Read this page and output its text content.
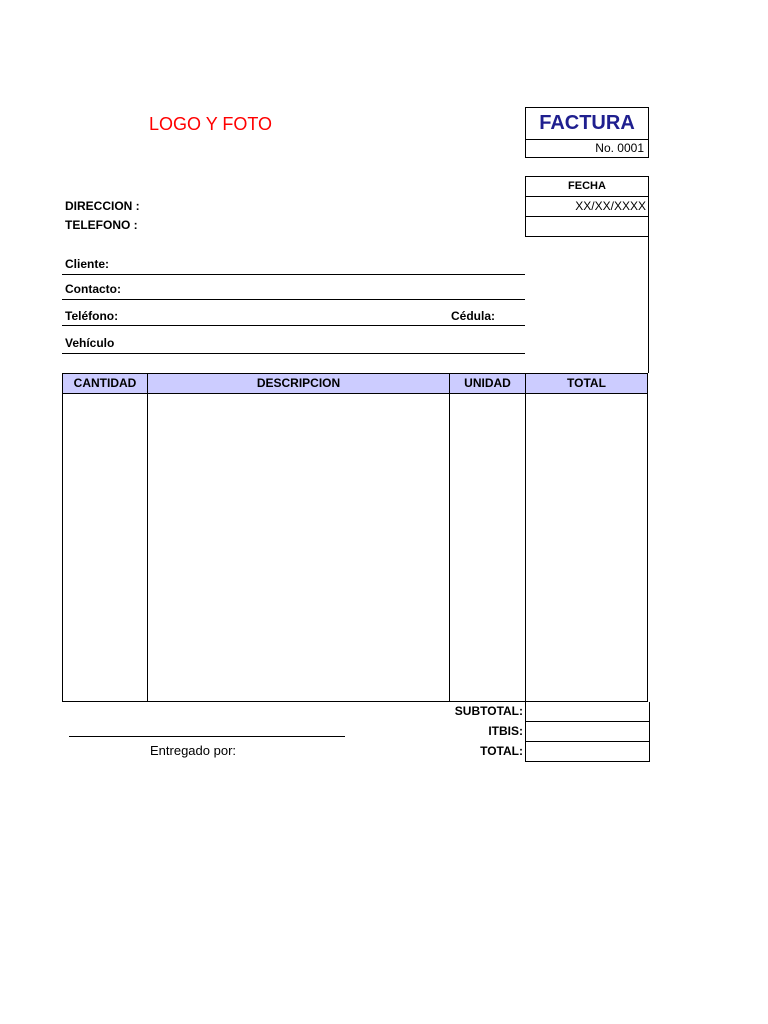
LOGO Y FOTO	FACTURA
No. 0001
FECHA
XX/XX/XXXX
DIRECCION :
TELEFONO :
Cliente:
Contacto:
Teléfono:	Cédula:
Vehículo
CANTIDAD	DESCRIPCION	UNIDAD	TOTAL
SUBTOTAL:
ITBIS:
TOTAL:
Entregado por:
